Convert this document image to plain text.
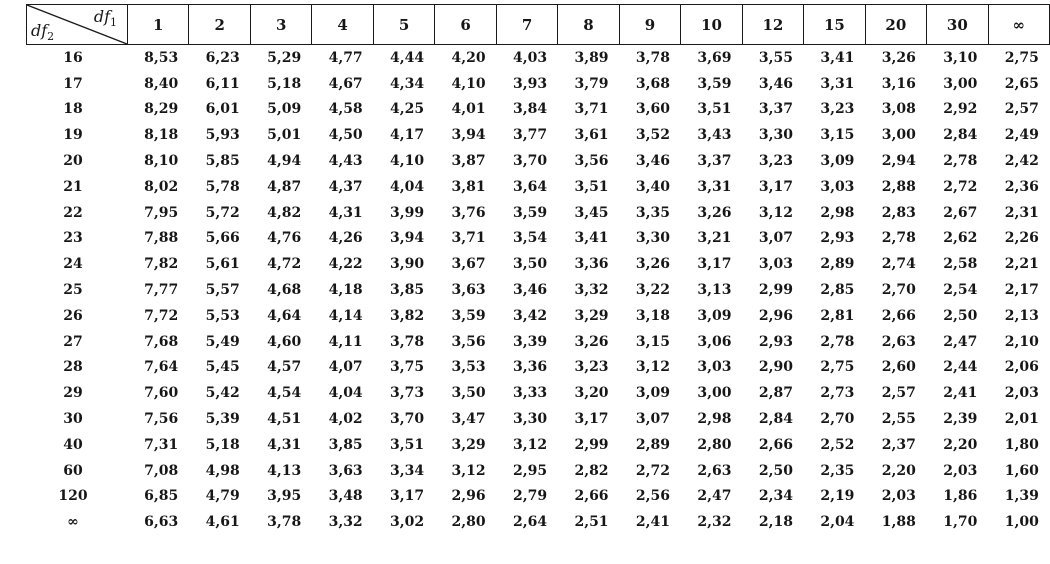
$df_1$
$df_2$	1	2	3	4	5	6	7	8	9	10	12	15	20	30	∞
16	8,53	6,23	5,29	4,77	4,44	4,20	4,03	3,89	3,78	3,69	3,55	3,41	3,26	3,10	2,75
17	8,40	6,11	5,18	4,67	4,34	4,10	3,93	3,79	3,68	3,59	3,46	3,31	3,16	3,00	2,65
18	8,29	6,01	5,09	4,58	4,25	4,01	3,84	3,71	3,60	3,51	3,37	3,23	3,08	2,92	2,57
19	8,18	5,93	5,01	4,50	4,17	3,94	3,77	3,61	3,52	3,43	3,30	3,15	3,00	2,84	2,49
20	8,10	5,85	4,94	4,43	4,10	3,87	3,70	3,56	3,46	3,37	3,23	3,09	2,94	2,78	2,42
21	8,02	5,78	4,87	4,37	4,04	3,81	3,64	3,51	3,40	3,31	3,17	3,03	2,88	2,72	2,36
22	7,95	5,72	4,82	4,31	3,99	3,76	3,59	3,45	3,35	3,26	3,12	2,98	2,83	2,67	2,31
23	7,88	5,66	4,76	4,26	3,94	3,71	3,54	3,41	3,30	3,21	3,07	2,93	2,78	2,62	2,26
24	7,82	5,61	4,72	4,22	3,90	3,67	3,50	3,36	3,26	3,17	3,03	2,89	2,74	2,58	2,21
25	7,77	5,57	4,68	4,18	3,85	3,63	3,46	3,32	3,22	3,13	2,99	2,85	2,70	2,54	2,17
26	7,72	5,53	4,64	4,14	3,82	3,59	3,42	3,29	3,18	3,09	2,96	2,81	2,66	2,50	2,13
27	7,68	5,49	4,60	4,11	3,78	3,56	3,39	3,26	3,15	3,06	2,93	2,78	2,63	2,47	2,10
28	7,64	5,45	4,57	4,07	3,75	3,53	3,36	3,23	3,12	3,03	2,90	2,75	2,60	2,44	2,06
29	7,60	5,42	4,54	4,04	3,73	3,50	3,33	3,20	3,09	3,00	2,87	2,73	2,57	2,41	2,03
30	7,56	5,39	4,51	4,02	3,70	3,47	3,30	3,17	3,07	2,98	2,84	2,70	2,55	2,39	2,01
40	7,31	5,18	4,31	3,85	3,51	3,29	3,12	2,99	2,89	2,80	2,66	2,52	2,37	2,20	1,80
60	7,08	4,98	4,13	3,63	3,34	3,12	2,95	2,82	2,72	2,63	2,50	2,35	2,20	2,03	1,60
120	6,85	4,79	3,95	3,48	3,17	2,96	2,79	2,66	2,56	2,47	2,34	2,19	2,03	1,86	1,39
∞	6,63	4,61	3,78	3,32	3,02	2,80	2,64	2,51	2,41	2,32	2,18	2,04	1,88	1,70	1,00
